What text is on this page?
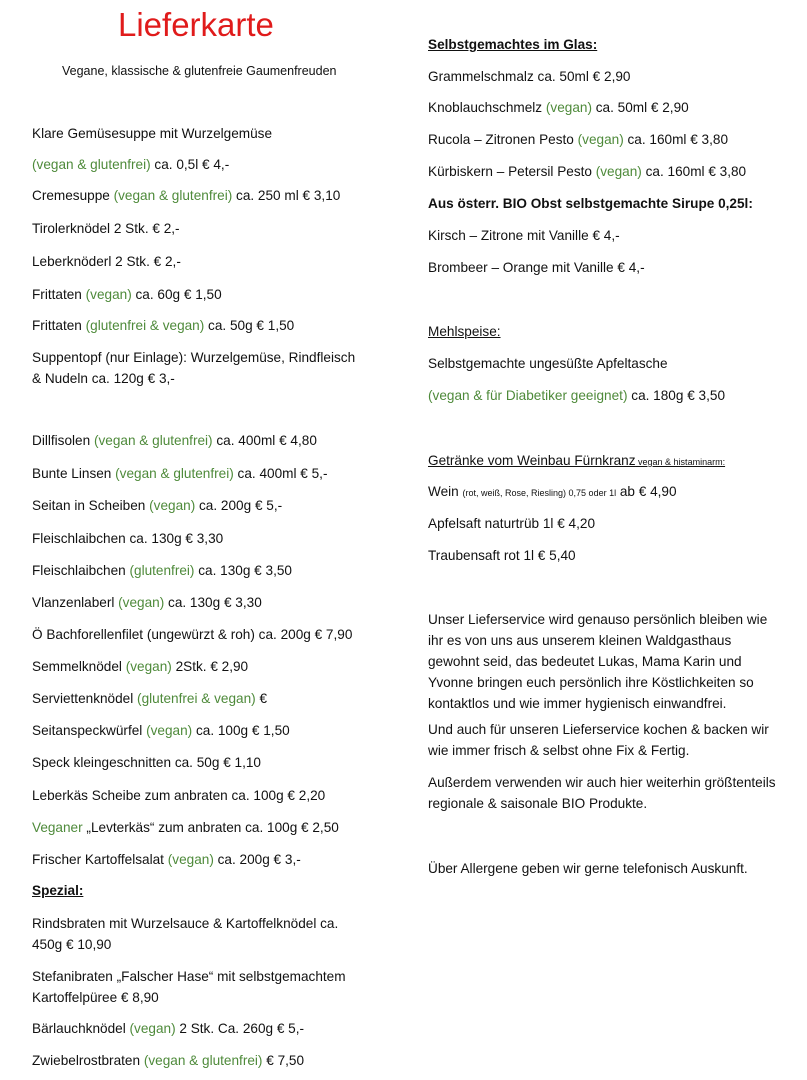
Lieferkarte
Vegane, klassische & glutenfreie Gaumenfreuden
Klare Gemüsesuppe mit Wurzelgemüse
(vegan & glutenfrei) ca. 0,5l € 4,-
Cremesuppe (vegan & glutenfrei) ca. 250 ml € 3,10
Tirolerknödel 2 Stk. € 2,-
Leberknöderl 2 Stk. € 2,-
Frittaten (vegan) ca. 60g € 1,50
Frittaten (glutenfrei & vegan) ca. 50g € 1,50
Suppentopf (nur Einlage): Wurzelgemüse, Rindfleisch
& Nudeln ca. 120g € 3,-
Dillfisolen (vegan & glutenfrei) ca. 400ml € 4,80
Bunte Linsen (vegan & glutenfrei) ca. 400ml € 5,-
Seitan in Scheiben (vegan) ca. 200g € 5,-
Fleischlaibchen ca. 130g € 3,30
Fleischlaibchen (glutenfrei) ca. 130g € 3,50
Vlanzenlaberl (vegan) ca. 130g € 3,30
Ö Bachforellenfilet (ungewürzt & roh) ca. 200g € 7,90
Semmelknödel (vegan) 2Stk. € 2,90
Serviettenknödel (glutenfrei & vegan) €
Seitanspeckwürfel (vegan) ca. 100g € 1,50
Speck kleingeschnitten ca. 50g € 1,10
Leberkäs Scheibe zum anbraten ca. 100g € 2,20
Veganer „Levterkäs“ zum anbraten ca. 100g € 2,50
Frischer Kartoffelsalat (vegan) ca. 200g € 3,-
Spezial:
Rindsbraten mit Wurzelsauce & Kartoffelknödel ca.
450g € 10,90
Stefanibraten „Falscher Hase“ mit selbstgemachtem
Kartoffelpüree € 8,90
Bärlauchknödel (vegan) 2 Stk. Ca. 260g € 5,-
Zwiebelrostbraten (vegan & glutenfrei) € 7,50
Selbstgemachtes im Glas:
Grammelschmalz ca. 50ml € 2,90
Knoblauchschmelz (vegan) ca. 50ml € 2,90
Rucola – Zitronen Pesto (vegan) ca. 160ml € 3,80
Kürbiskern – Petersil Pesto (vegan) ca. 160ml € 3,80
Aus österr. BIO Obst selbstgemachte Sirupe 0,25l:
Kirsch – Zitrone mit Vanille € 4,-
Brombeer – Orange mit Vanille € 4,-
Mehlspeise:
Selbstgemachte ungesüßte Apfeltasche
(vegan & für Diabetiker geeignet) ca. 180g € 3,50
Getränke vom Weinbau Fürnkranz vegan & histaminarm:
Wein (rot, weiß, Rose, Riesling) 0,75 oder 1l ab € 4,90
Apfelsaft naturtrüb 1l € 4,20
Traubensaft rot 1l € 5,40
Unser Lieferservice wird genauso persönlich bleiben wie ihr es von uns aus unserem kleinen Waldgasthaus gewohnt seid, das bedeutet Lukas, Mama Karin und Yvonne bringen euch persönlich ihre Köstlichkeiten so kontaktlos und wie immer hygienisch einwandfrei.
Und auch für unseren Lieferservice kochen & backen wir wie immer frisch & selbst ohne Fix & Fertig.
Außerdem verwenden wir auch hier weiterhin größtenteils regionale & saisonale BIO Produkte.
Über Allergene geben wir gerne telefonisch Auskunft.
